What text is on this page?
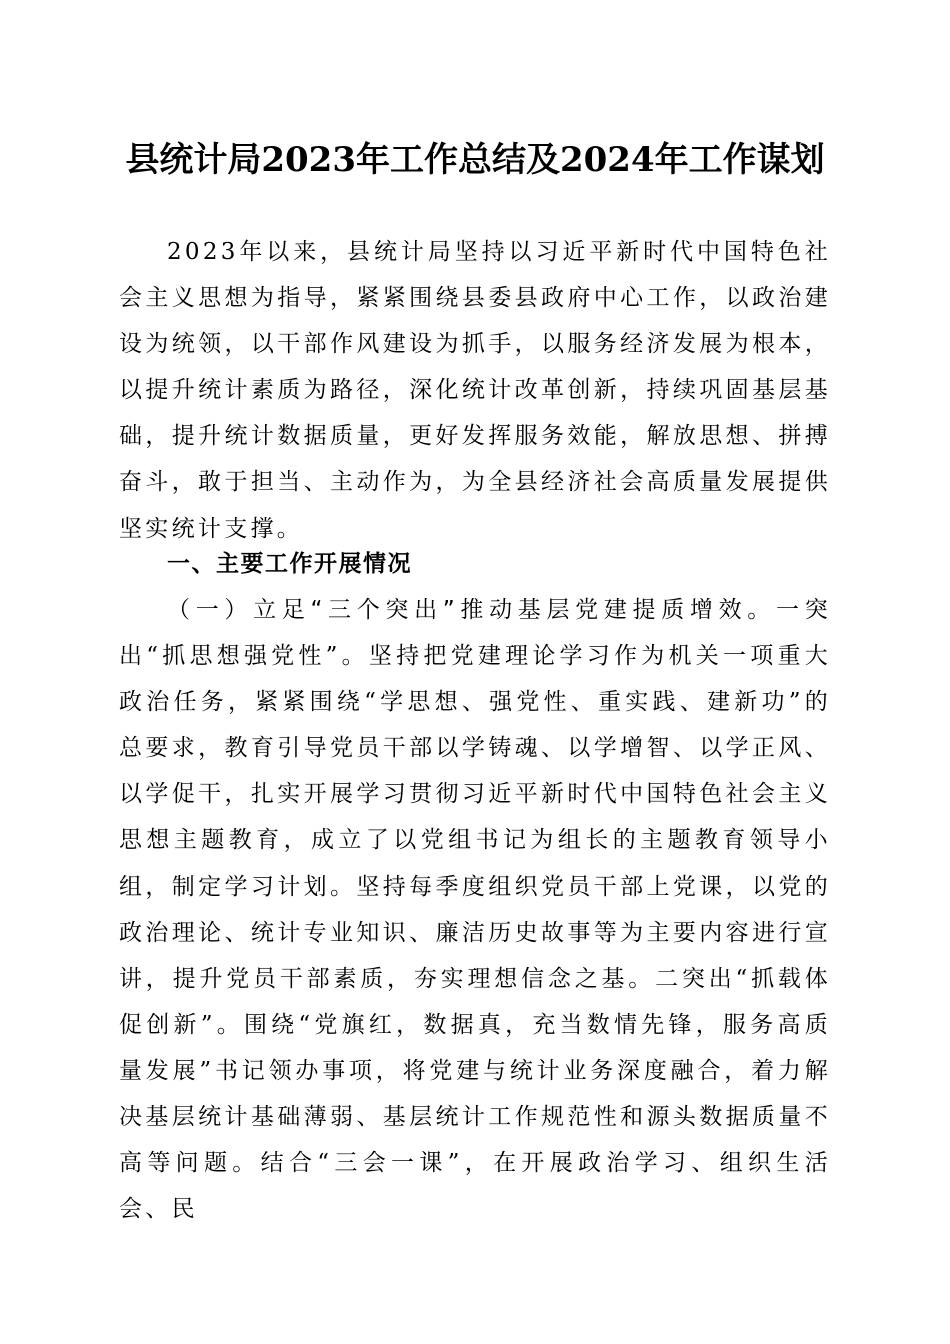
县统计局2023年工作总结及2024年工作谋划

2023年以来，县统计局坚持以习近平新时代中国特色社会主义思想为指导，紧紧围绕县委县政府中心工作，以政治建设为统领，以干部作风建设为抓手，以服务经济发展为根本，以提升统计素质为路径，深化统计改革创新，持续巩固基层基础，提升统计数据质量，更好发挥服务效能，解放思想、拼搏奋斗，敢于担当、主动作为，为全县经济社会高质量发展提供坚实统计支撑。

一、主要工作开展情况

（一）立足“三个突出”推动基层党建提质增效。一突出“抓思想强党性”。坚持把党建理论学习作为机关一项重大政治任务，紧紧围绕“学思想、强党性、重实践、建新功”的总要求，教育引导党员干部以学铸魂、以学增智、以学正风、以学促干，扎实开展学习贯彻习近平新时代中国特色社会主义思想主题教育，成立了以党组书记为组长的主题教育领导小组，制定学习计划。坚持每季度组织党员干部上党课，以党的政治理论、统计专业知识、廉洁历史故事等为主要内容进行宣讲，提升党员干部素质，夯实理想信念之基。二突出“抓载体促创新”。围绕“党旗红，数据真，充当数情先锋，服务高质量发展”书记领办事项，将党建与统计业务深度融合，着力解决基层统计基础薄弱、基层统计工作规范性和源头数据质量不高等问题。结合“三会一课”，在开展政治学习、组织生活会、民
